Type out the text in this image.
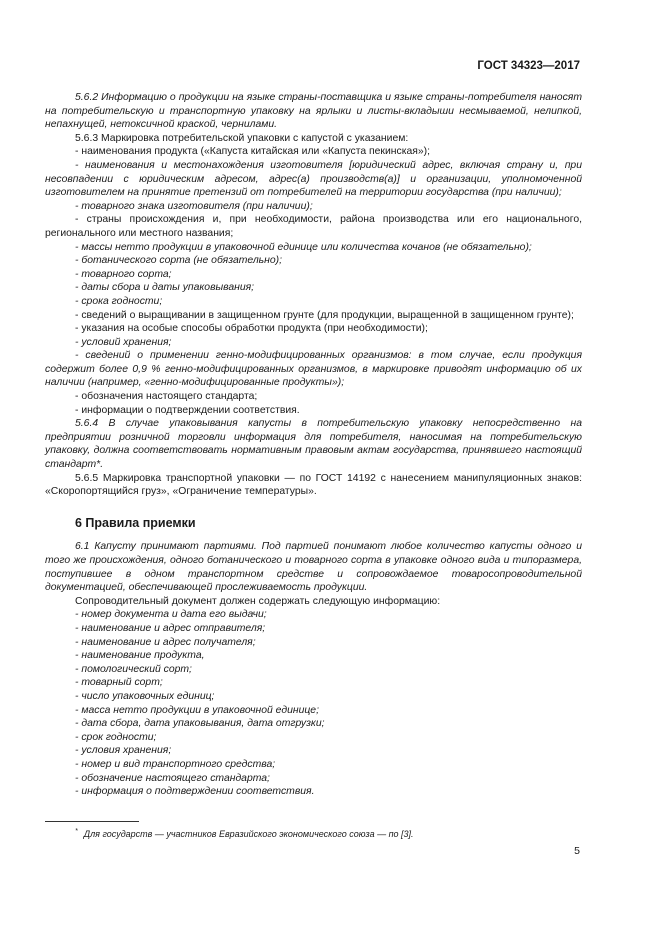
ГОСТ 34323—2017

5.6.2 Информацию о продукции на языке страны-поставщика и языке страны-потребителя наносят на потребительскую и транспортную упаковку на ярлыки и листы-вкладыши несмываемой, нелипкой, непахнущей, нетоксичной краской, чернилами.

5.6.3 Маркировка потребительской упаковки с капустой с указанием:

- наименования продукта («Капуста китайская или «Капуста пекинская»);

- наименования и местонахождения изготовителя [юридический адрес, включая страну и, при несовпадении с юридическим адресом, адрес(а) производств(а)] и организации, уполномоченной изготовителем на принятие претензий от потребителей на территории государства (при наличии);

- товарного знака изготовителя (при наличии);

- страны происхождения и, при необходимости, района производства или его национального, регионального или местного названия;

- массы нетто продукции в упаковочной единице или количества кочанов (не обязательно);

- ботанического сорта (не обязательно);

- товарного сорта;

- даты сбора и даты упаковывания;

- срока годности;

- сведений о выращивании в защищенном грунте (для продукции, выращенной в защищенном грунте);

- указания на особые способы обработки продукта (при необходимости);

- условий хранения;

- сведений о применении генно-модифицированных организмов: в том случае, если продукция содержит более 0,9 % генно-модифицированных организмов, в маркировке приводят информацию об их наличии (например, «генно-модифицированные продукты»);

- обозначения настоящего стандарта;

- информации о подтверждении соответствия.

5.6.4 В случае упаковывания капусты в потребительскую упаковку непосредственно на предприятии розничной торговли информация для потребителя, наносимая на потребительскую упаковку, должна соответствовать нормативным правовым актам государства, принявшего настоящий стандарт*.

5.6.5 Маркировка транспортной упаковки — по ГОСТ 14192 с нанесением манипуляционных знаков: «Скоропортящийся груз», «Ограничение температуры».

6 Правила приемки

6.1 Капусту принимают партиями. Под партией понимают любое количество капусты одного и того же происхождения, одного ботанического и товарного сорта в упаковке одного вида и типоразмера, поступившее в одном транспортном средстве и сопровождаемое товаросопроводительной документацией, обеспечивающей прослеживаемость продукции.

Сопроводительный документ должен содержать следующую информацию:

- номер документа и дата его выдачи;

- наименование и адрес отправителя;

- наименование и адрес получателя;

- наименование продукта,

- помологический сорт;

- товарный сорт;

- число упаковочных единиц;

- масса нетто продукции в упаковочной единице;

- дата сбора, дата упаковывания, дата отгрузки;

- срок годности;

- условия хранения;

- номер и вид транспортного средства;

- обозначение настоящего стандарта;

- информация о подтверждении соответствия.

* Для государств — участников Евразийского экономического союза — по [3].
5
